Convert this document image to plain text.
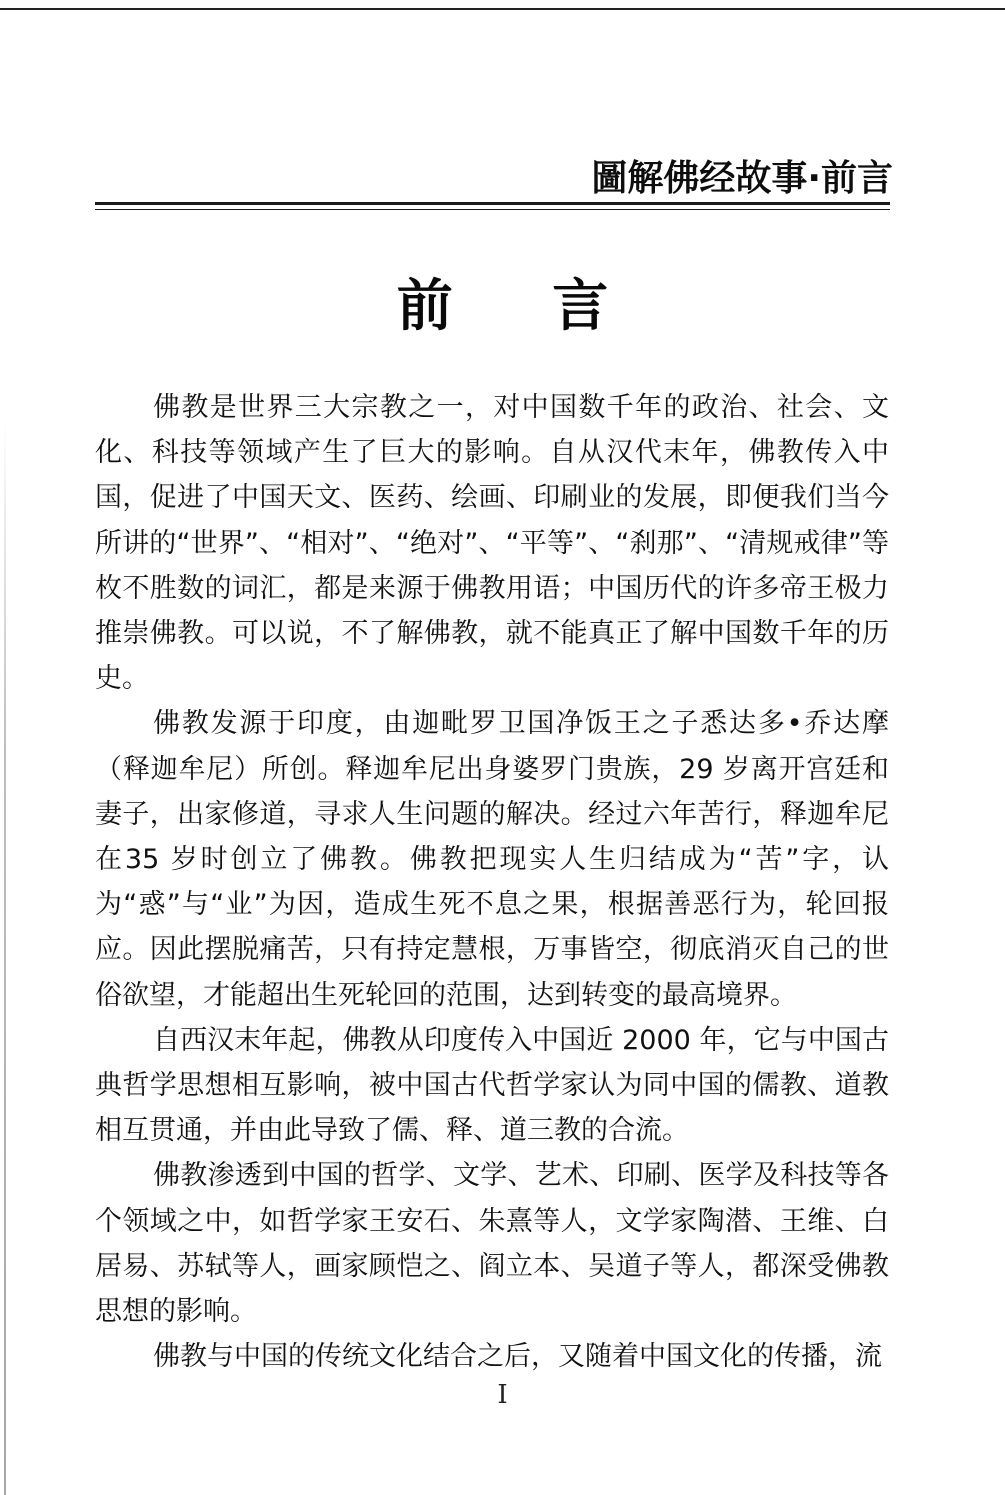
圖解佛经故事·前言
前 言

佛教是世界三大宗教之一，对中国数千年的政治、社会、文化、科技等领域产生了巨大的影响。自从汉代末年，佛教传入中国，促进了中国天文、医药、绘画、印刷业的发展，即便我们当今所讲的“世界”、“相对”、“绝对”、“平等”、“刹那”、“清规戒律”等枚不胜数的词汇，都是来源于佛教用语；中国历代的许多帝王极力推崇佛教。可以说，不了解佛教，就不能真正了解中国数千年的历史。

佛教发源于印度，由迦毗罗卫国净饭王之子悉达多•乔达摩（释迦牟尼）所创。释迦牟尼出身婆罗门贵族，29 岁离开宫廷和妻子，出家修道，寻求人生问题的解决。经过六年苦行，释迦牟尼在35 岁时创立了佛教。佛教把现实人生归结成为“苦”字，认为“惑”与“业”为因，造成生死不息之果，根据善恶行为，轮回报应。因此摆脱痛苦，只有持定慧根，万事皆空，彻底消灭自己的世俗欲望，才能超出生死轮回的范围，达到转变的最高境界。

自西汉末年起，佛教从印度传入中国近 2000 年，它与中国古典哲学思想相互影响，被中国古代哲学家认为同中国的儒教、道教相互贯通，并由此导致了儒、释、道三教的合流。

佛教渗透到中国的哲学、文学、艺术、印刷、医学及科技等各个领域之中，如哲学家王安石、朱熹等人，文学家陶潜、王维、白居易、苏轼等人，画家顾恺之、阎立本、吴道子等人，都深受佛教思想的影响。

佛教与中国的传统文化结合之后，又随着中国文化的传播，流

I
